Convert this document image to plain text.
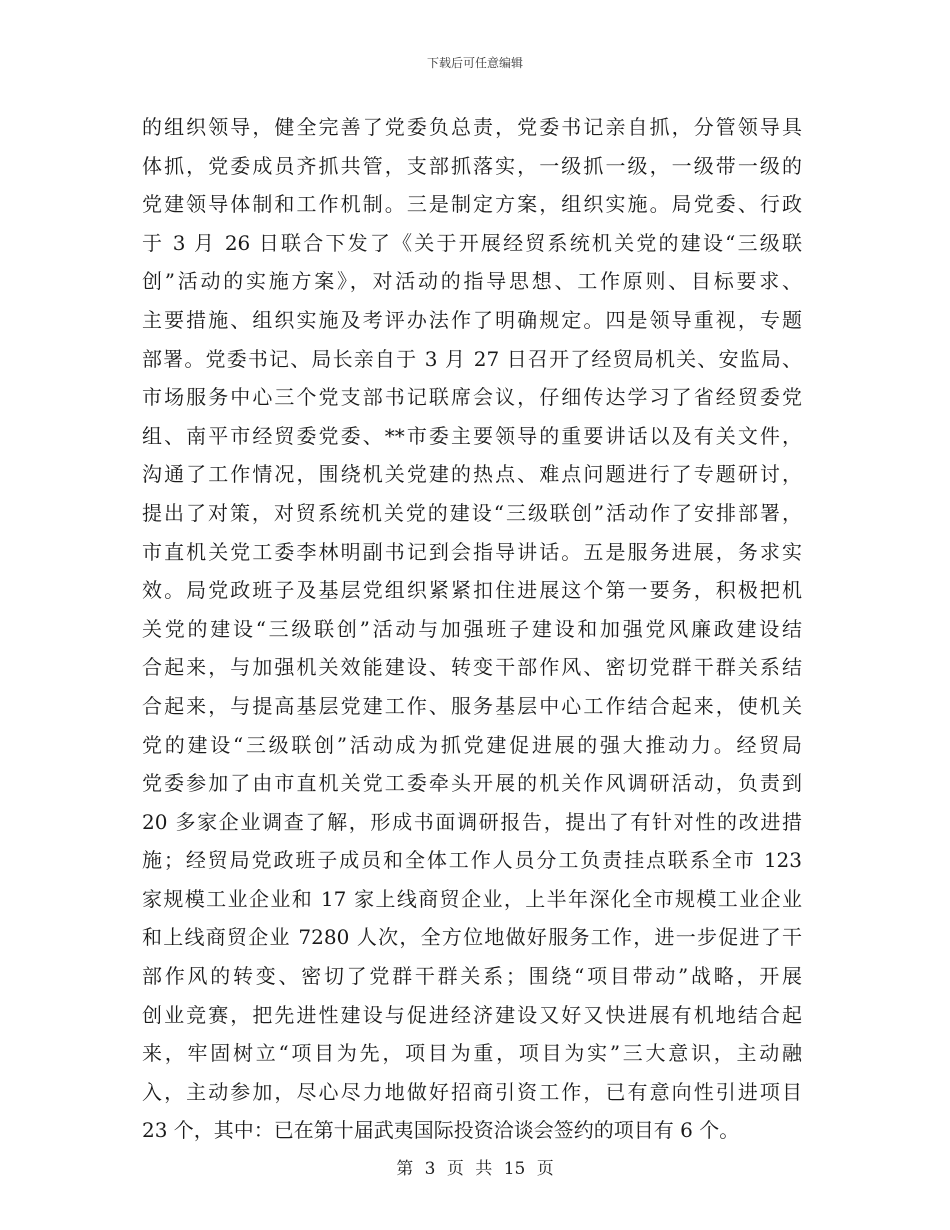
下载后可任意编辑
的组织领导，健全完善了党委负总责，党委书记亲自抓，分管领导具
体抓，党委成员齐抓共管，支部抓落实，一级抓一级，一级带一级的
党建领导体制和工作机制。三是制定方案，组织实施。局党委、行政
于 3 月 26 日联合下发了《关于开展经贸系统机关党的建设“三级联
创”活动的实施方案》，对活动的指导思想、工作原则、目标要求、
主要措施、组织实施及考评办法作了明确规定。四是领导重视，专题
部署。党委书记、局长亲自于 3 月 27 日召开了经贸局机关、安监局、
市场服务中心三个党支部书记联席会议，仔细传达学习了省经贸委党
组、南平市经贸委党委、**市委主要领导的重要讲话以及有关文件，
沟通了工作情况，围绕机关党建的热点、难点问题进行了专题研讨，
提出了对策，对贸系统机关党的建设“三级联创”活动作了安排部署，
市直机关党工委李林明副书记到会指导讲话。五是服务进展，务求实
效。局党政班子及基层党组织紧紧扣住进展这个第一要务，积极把机
关党的建设“三级联创”活动与加强班子建设和加强党风廉政建设结
合起来，与加强机关效能建设、转变干部作风、密切党群干群关系结
合起来，与提高基层党建工作、服务基层中心工作结合起来，使机关
党的建设“三级联创”活动成为抓党建促进展的强大推动力。经贸局
党委参加了由市直机关党工委牵头开展的机关作风调研活动，负责到
20 多家企业调查了解，形成书面调研报告，提出了有针对性的改进措
施；经贸局党政班子成员和全体工作人员分工负责挂点联系全市 123
家规模工业企业和 17 家上线商贸企业，上半年深化全市规模工业企业
和上线商贸企业 7280 人次，全方位地做好服务工作，进一步促进了干
部作风的转变、密切了党群干群关系；围绕“项目带动”战略，开展
创业竞赛，把先进性建设与促进经济建设又好又快进展有机地结合起
来，牢固树立“项目为先，项目为重，项目为实”三大意识，主动融
入，主动参加，尽心尽力地做好招商引资工作，已有意向性引进项目
23 个，其中：已在第十届武夷国际投资洽谈会签约的项目有 6 个。
第 3 页 共 15 页
